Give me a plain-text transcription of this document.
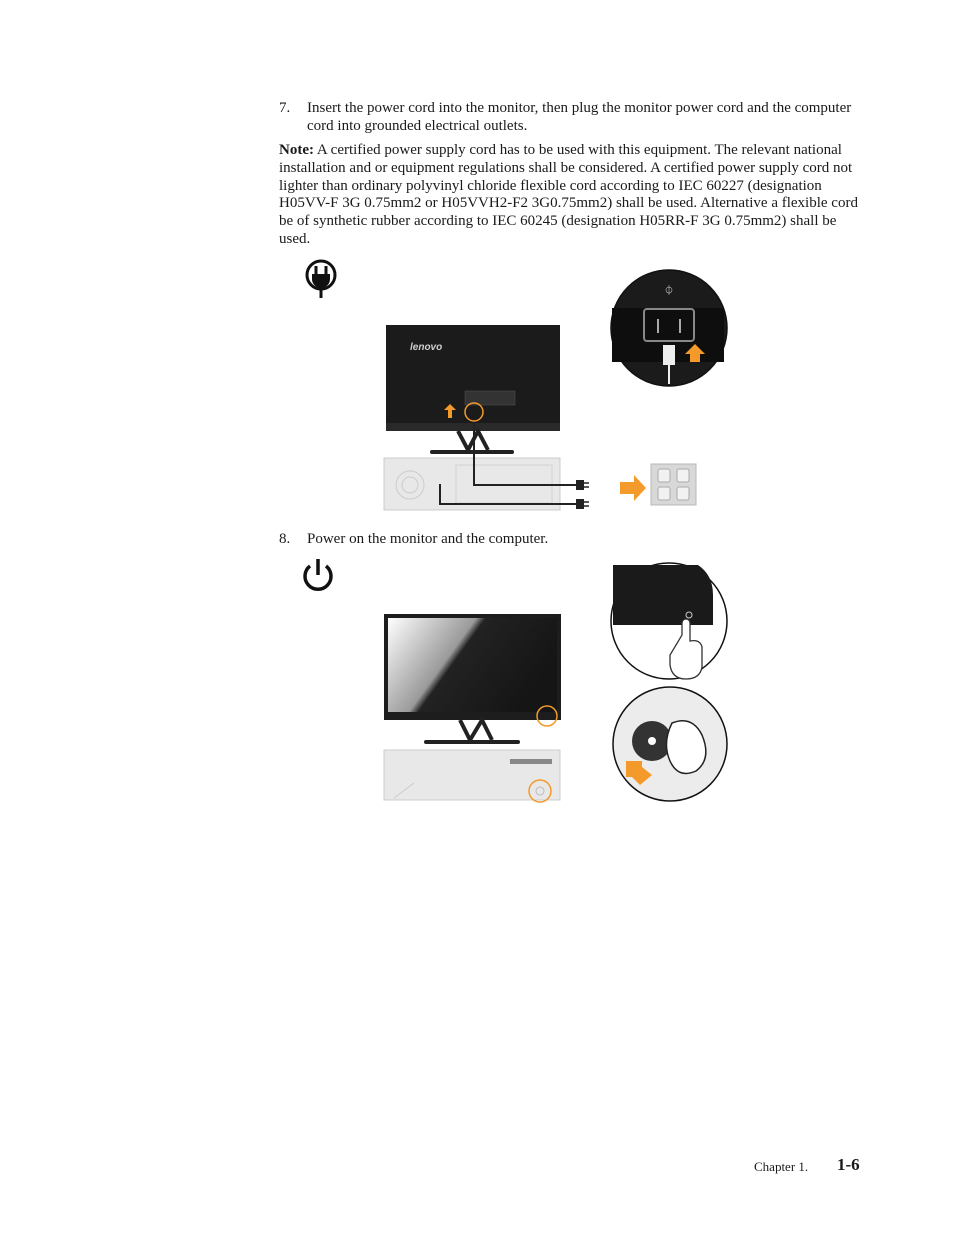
7. Insert the power cord into the monitor, then plug the monitor power cord and the computer cord into grounded electrical outlets.
Note: A certified power supply cord has to be used with this equipment. The relevant national installation and or equipment regulations shall be considered. A certified power supply cord not lighter than ordinary polyvinyl chloride flexible cord according to IEC 60227 (designation H05VV-F 3G 0.75mm2 or H05VVH2-F2 3G0.75mm2) shall be used. Alternative a flexible cord be of synthetic rubber according to IEC 60245 (designation H05RR-F 3G 0.75mm2) shall be used.
lenovo
⏀
8. Power on the monitor and the computer.
Chapter 1. 1-6
